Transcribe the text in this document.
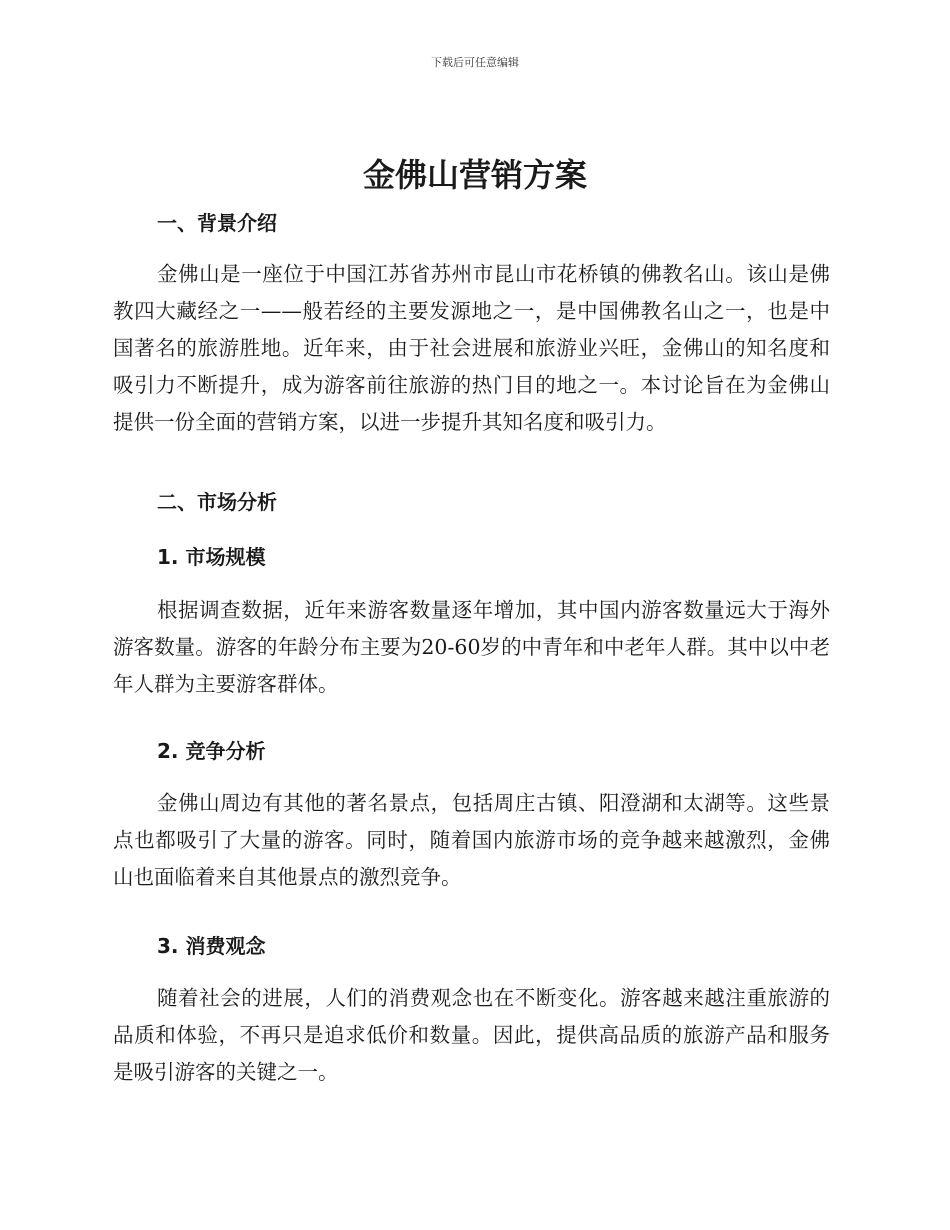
下载后可任意编辑
金佛山营销方案
一、背景介绍

金佛山是一座位于中国江苏省苏州市昆山市花桥镇的佛教名山。该山是佛教四大藏经之一——般若经的主要发源地之一，是中国佛教名山之一，也是中国著名的旅游胜地。近年来，由于社会进展和旅游业兴旺，金佛山的知名度和吸引力不断提升，成为游客前往旅游的热门目的地之一。本讨论旨在为金佛山提供一份全面的营销方案，以进一步提升其知名度和吸引力。

二、市场分析
1. 市场规模

根据调查数据，近年来游客数量逐年增加，其中国内游客数量远大于海外游客数量。游客的年龄分布主要为20-60岁的中青年和中老年人群。其中以中老年人群为主要游客群体。

2. 竞争分析

金佛山周边有其他的著名景点，包括周庄古镇、阳澄湖和太湖等。这些景点也都吸引了大量的游客。同时，随着国内旅游市场的竞争越来越激烈，金佛山也面临着来自其他景点的激烈竞争。

3. 消费观念

随着社会的进展，人们的消费观念也在不断变化。游客越来越注重旅游的品质和体验，不再只是追求低价和数量。因此，提供高品质的旅游产品和服务是吸引游客的关键之一。
